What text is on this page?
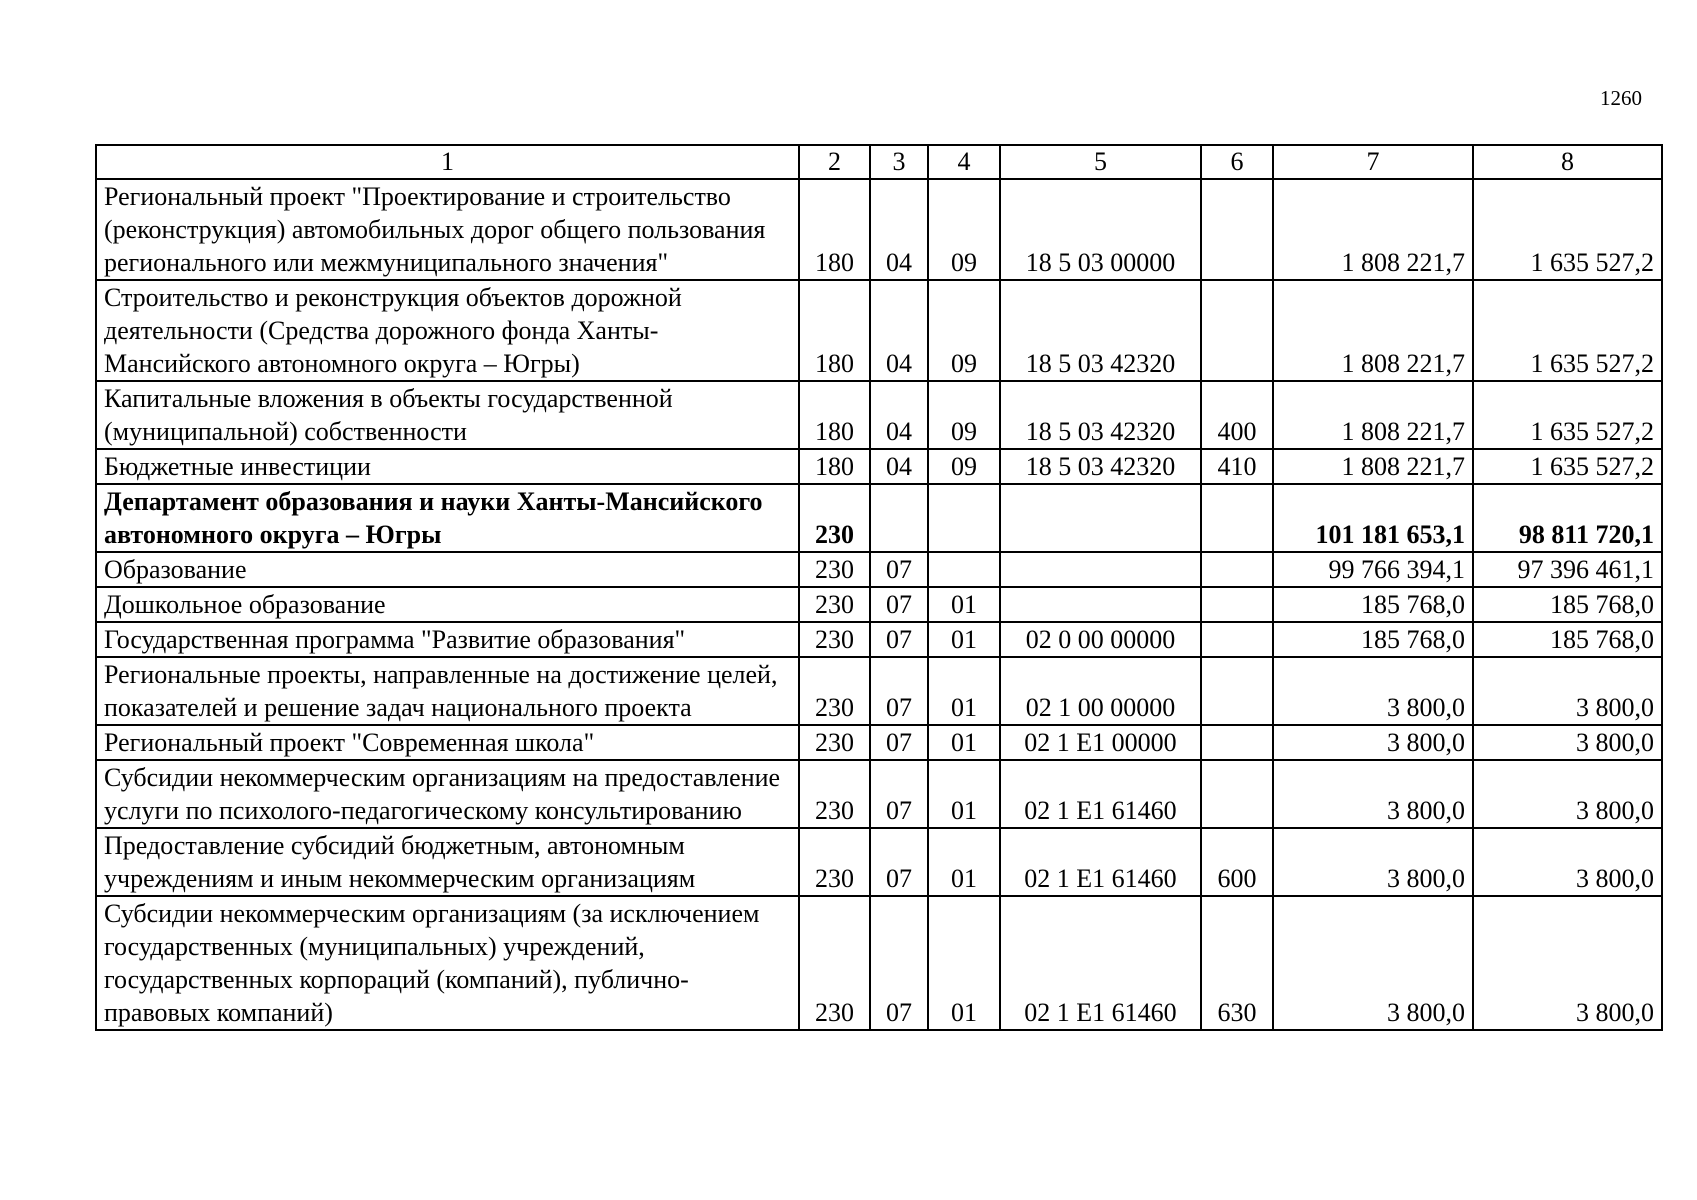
1260
1	2	3	4	5	6	7	8
Региональный проект "Проектирование и строительство (реконструкция) автомобильных дорог общего пользования регионального или межмуниципального значения"	180	04	09	18 5 03 00000		1 808 221,7	1 635 527,2
Строительство и реконструкция объектов дорожной деятельности (Средства дорожного фонда Ханты-Мансийского автономного округа – Югры)	180	04	09	18 5 03 42320		1 808 221,7	1 635 527,2
Капитальные вложения в объекты государственной (муниципальной) собственности	180	04	09	18 5 03 42320	400	1 808 221,7	1 635 527,2
Бюджетные инвестиции	180	04	09	18 5 03 42320	410	1 808 221,7	1 635 527,2
Департамент образования и науки Ханты-Мансийского автономного округа – Югры	230					101 181 653,1	98 811 720,1
Образование	230	07				99 766 394,1	97 396 461,1
Дошкольное образование	230	07	01			185 768,0	185 768,0
Государственная программа "Развитие образования"	230	07	01	02 0 00 00000		185 768,0	185 768,0
Региональные проекты, направленные на достижение целей, показателей и решение задач национального проекта	230	07	01	02 1 00 00000		3 800,0	3 800,0
Региональный проект "Современная школа"	230	07	01	02 1 E1 00000		3 800,0	3 800,0
Субсидии некоммерческим организациям на предоставление услуги по психолого-педагогическому консультированию	230	07	01	02 1 E1 61460		3 800,0	3 800,0
Предоставление субсидий бюджетным, автономным учреждениям и иным некоммерческим организациям	230	07	01	02 1 E1 61460	600	3 800,0	3 800,0
Субсидии некоммерческим организациям (за исключением государственных (муниципальных) учреждений, государственных корпораций (компаний), публично-правовых компаний)	230	07	01	02 1 E1 61460	630	3 800,0	3 800,0
